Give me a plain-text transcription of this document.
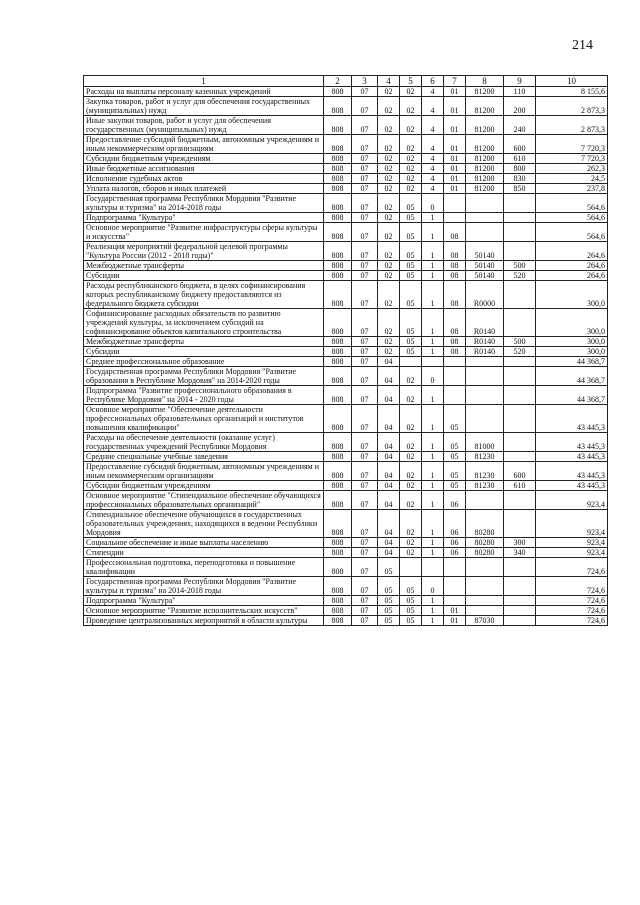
214
1	2	3	4	5	6	7	8	9	10
Расходы на выплаты персоналу казенных учреждений	808	07	02	02	4	01	81200	110	8 155,6
Закупка товаров, работ и услуг для обеспечения государственных (муниципальных) нужд	808	07	02	02	4	01	81200	200	2 873,3
Иные закупки товаров, работ и услуг для обеспечения государственных (муниципальных) нужд	808	07	02	02	4	01	81200	240	2 873,3
Предоставление субсидий бюджетным, автономным учреждениям и иным некоммерческим организациям	808	07	02	02	4	01	81200	600	7 720,3
Субсидии бюджетным учреждениям	808	07	02	02	4	01	81200	610	7 720,3
Иные бюджетные ассигнования	808	07	02	02	4	01	81200	800	262,3
Исполнение судебных актов	808	07	02	02	4	01	81200	830	24,5
Уплата налогов, сборов и иных платежей	808	07	02	02	4	01	81200	850	237,8
Государственная программа Республики Мордовия "Развитие культуры и туризма" на 2014-2018 годы	808	07	02	05	0				564,6
Подпрограмма "Культура"	808	07	02	05	1				564,6
Основное мероприятие "Развитие инфраструктуры сферы культуры и искусства"	808	07	02	05	1	08			564,6
Реализация мероприятий федеральной целевой программы "Культура России (2012 - 2018 годы)"	808	07	02	05	1	08	50140		264,6
Межбюджетные трансферты	808	07	02	05	1	08	50140	500	264,6
Субсидии	808	07	02	05	1	08	50140	520	264,6
Расходы республиканского бюджета, в целях софинансирования которых республиканскому бюджету предоставляются из федерального бюджета субсидии	808	07	02	05	1	08	R0000		300,0
Софинансирование расходных обязательств по развитию учреждений культуры, за исключением субсидий на софинансирование объектов капитального строительства	808	07	02	05	1	08	R0140		300,0
Межбюджетные трансферты	808	07	02	05	1	08	R0140	500	300,0
Субсидии	808	07	02	05	1	08	R0140	520	300,0
Среднее профессиональное образование	808	07	04						44 368,7
Государственная программа Республики Мордовия "Развитие образования в Республике Мордовия" на 2014-2020 годы	808	07	04	02	0				44 368,7
Подпрограмма "Развитие профессионального образования в Республике Мордовия" на 2014 - 2020 годы	808	07	04	02	1				44 368,7
Основное мероприятие "Обеспечение деятельности профессиональных образовательных организаций и институтов повышения квалификации"	808	07	04	02	1	05			43 445,3
Расходы на обеспечение деятельности (оказание услуг) государственных учреждений Республики Мордовия	808	07	04	02	1	05	81000		43 445,3
Средние специальные учебные заведения	808	07	04	02	1	05	81230		43 445,3
Предоставление субсидий бюджетным, автономным учреждениям и иным некоммерческим организациям	808	07	04	02	1	05	81230	600	43 445,3
Субсидии бюджетным учреждениям	808	07	04	02	1	05	81230	610	43 445,3
Основное мероприятие "Стипендиальное обеспечение обучающихся профессиональных образовательных организаций"	808	07	04	02	1	06			923,4
Стипендиальное обеспечение обучающихся в государственных образовательных учреждениях, находящихся в ведении Республики Мордовия	808	07	04	02	1	06	80280		923,4
Социальное обеспечение и иные выплаты населению	808	07	04	02	1	06	80280	300	923,4
Стипендии	808	07	04	02	1	06	80280	340	923,4
Профессиональная подготовка, переподготовка и повышение квалификации	808	07	05						724,6
Государственная программа Республики Мордовия "Развитие культуры и туризма" на 2014-2018 годы	808	07	05	05	0				724,6
Подпрограмма "Культура"	808	07	05	05	1				724,6
Основное мероприятие "Развитие исполнительских искусств"	808	07	05	05	1	01			724,6
Проведение централизованных мероприятий в области культуры	808	07	05	05	1	01	87030		724,6
